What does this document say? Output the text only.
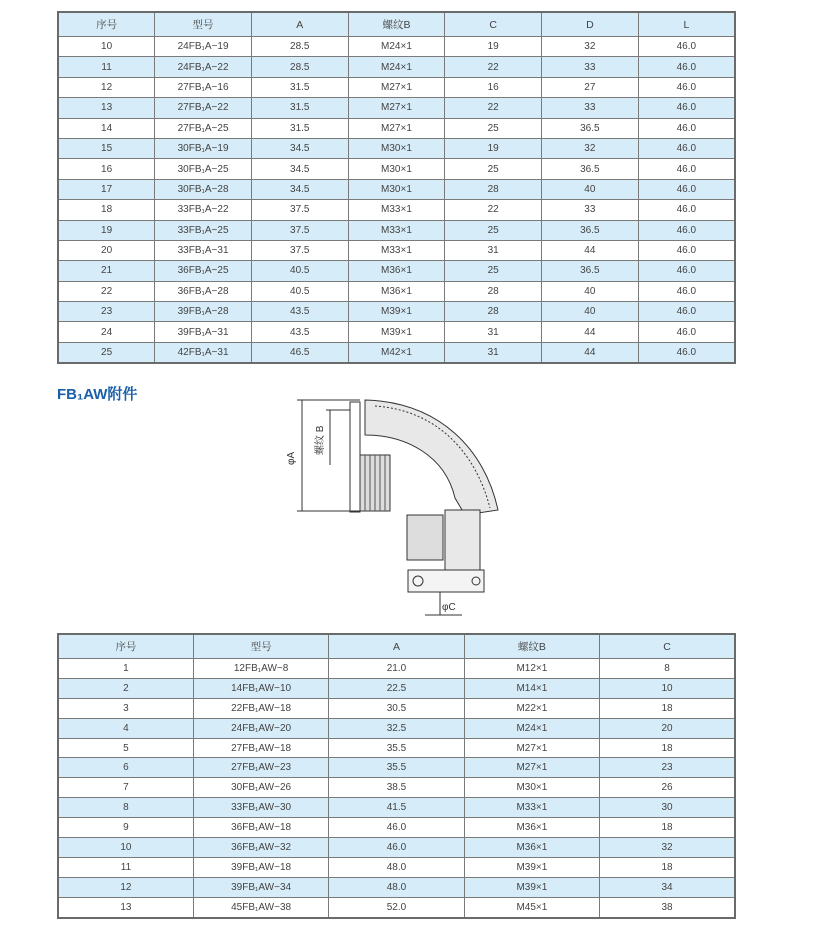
序号	型号	A	螺纹B	C	D	L
10	24FB₁A−19	28.5	M24×1	19	32	46.0
11	24FB₁A−22	28.5	M24×1	22	33	46.0
12	27FB₁A−16	31.5	M27×1	16	27	46.0
13	27FB₁A−22	31.5	M27×1	22	33	46.0
14	27FB₁A−25	31.5	M27×1	25	36.5	46.0
15	30FB₁A−19	34.5	M30×1	19	32	46.0
16	30FB₁A−25	34.5	M30×1	25	36.5	46.0
17	30FB₁A−28	34.5	M30×1	28	40	46.0
18	33FB₁A−22	37.5	M33×1	22	33	46.0
19	33FB₁A−25	37.5	M33×1	25	36.5	46.0
20	33FB₁A−31	37.5	M33×1	31	44	46.0
21	36FB₁A−25	40.5	M36×1	25	36.5	46.0
22	36FB₁A−28	40.5	M36×1	28	40	46.0
23	39FB₁A−28	43.5	M39×1	28	40	46.0
24	39FB₁A−31	43.5	M39×1	31	44	46.0
25	42FB₁A−31	46.5	M42×1	31	44	46.0
FB₁AW附件
φA
螺纹 B
φC
序号	型号	A	螺纹B	C
1	12FB₁AW−8	21.0	M12×1	8
2	14FB₁AW−10	22.5	M14×1	10
3	22FB₁AW−18	30.5	M22×1	18
4	24FB₁AW−20	32.5	M24×1	20
5	27FB₁AW−18	35.5	M27×1	18
6	27FB₁AW−23	35.5	M27×1	23
7	30FB₁AW−26	38.5	M30×1	26
8	33FB₁AW−30	41.5	M33×1	30
9	36FB₁AW−18	46.0	M36×1	18
10	36FB₁AW−32	46.0	M36×1	32
11	39FB₁AW−18	48.0	M39×1	18
12	39FB₁AW−34	48.0	M39×1	34
13	45FB₁AW−38	52.0	M45×1	38
